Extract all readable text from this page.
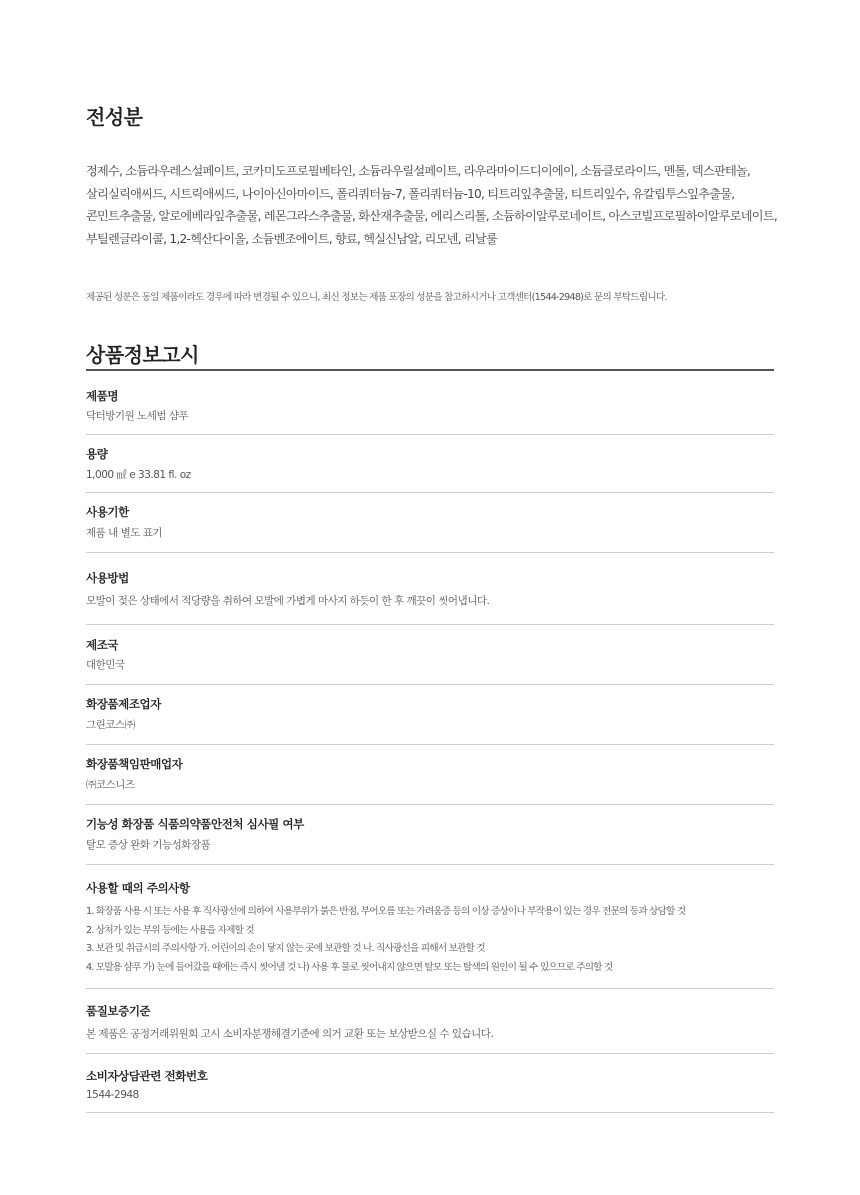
전성분
정제수, 소듐라우레스설페이트, 코카미도프로필베타인, 소듐라우릴설페이트, 라우라마이드디이에이, 소듐클로라이드, 멘톨, 덱스판테놀, 살리실릭애씨드, 시트릭애씨드, 나이아신아마이드, 폴리쿼터늄-7, 폴리쿼터늄-10, 티트리잎추출물, 티트리잎수, 유칼립투스잎추출물, 콘민트추출물, 알로에베라잎추출물, 레몬그라스추출물, 화산재추출물, 에리스리톨, 소듐하이알루로네이트, 아스코빌프로필하이알루로네이트, 부틸렌글라이콜, 1,2-헥산다이올, 소듐벤조에이트, 향료, 헥실신남알, 리모넨, 리날룰
제공된 성분은 동일 제품이라도 경우에 따라 변경될 수 있으니, 최신 정보는 제품 포장의 성분을 참고하시거나 고객센터(1544-2948)로 문의 부탁드립니다.
상품정보고시
제품명
닥터방기원 노세범 샴푸
용량
1,000 ㎖ e 33.81 fl. oz
사용기한
제품 내 별도 표기
사용방법
모발이 젖은 상태에서 적당량을 취하여 모발에 가볍게 마사지 하듯이 한 후 깨끗이 씻어냅니다.
제조국
대한민국
화장품제조업자
그린코스㈜
화장품책임판매업자
㈜코스니즈
기능성 화장품 식품의약품안전처 심사필 여부
탈모 증상 완화 기능성화장품
사용할 때의 주의사항
1. 화장품 사용 시 또는 사용 후 직사광선에 의하여 사용부위가 붉은 반점, 부어오름 또는 가려움증 등의 이상 증상이나 부작용이 있는 경우 전문의 등과 상담할 것
2. 상처가 있는 부위 등에는 사용을 자제할 것
3. 보관 및 취급시의 주의사항 가. 어린이의 손이 닿지 않는 곳에 보관할 것 나. 직사광선을 피해서 보관할 것
4. 모발용 샴푸 가) 눈에 들어갔을 때에는 즉시 씻어낼 것 나) 사용 후 물로 씻어내지 않으면 탈모 또는 탈색의 원인이 될 수 있으므로 주의할 것
품질보증기준
본 제품은 공정거래위원회 고시 소비자분쟁해결기준에 의거 교환 또는 보상받으실 수 있습니다.
소비자상담관련 전화번호
1544-2948
